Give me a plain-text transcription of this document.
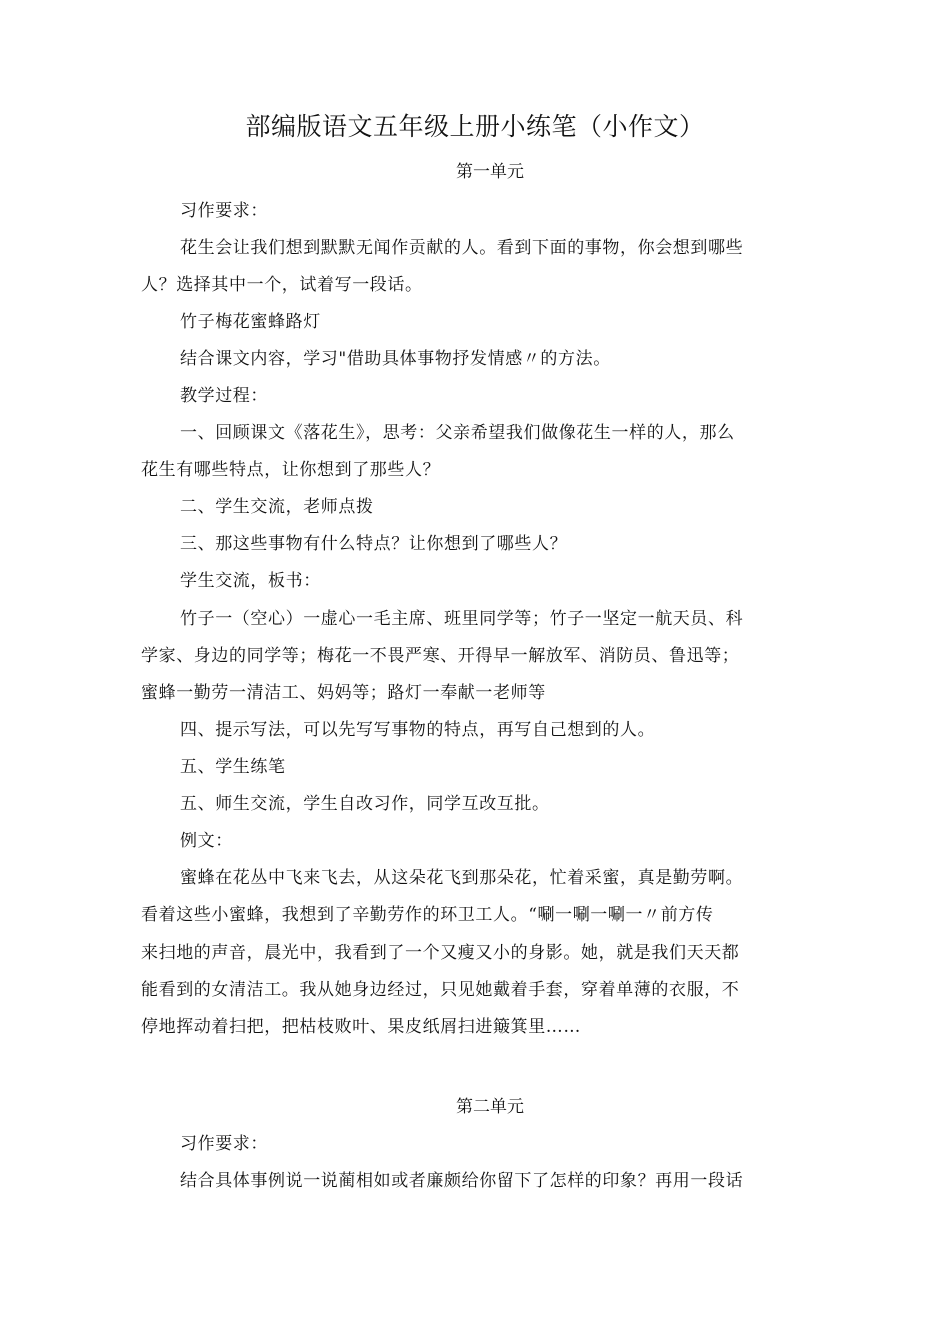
部编版语文五年级上册小练笔（小作文）
第一单元
习作要求：
花生会让我们想到默默无闻作贡献的人。看到下面的事物，你会想到哪些
人？选择其中一个，试着写一段话。
竹子梅花蜜蜂路灯
结合课文内容，学习"借助具体事物抒发情感〃的方法。
教学过程：
一、回顾课文《落花生》，思考：父亲希望我们做像花生一样的人，那么
花生有哪些特点，让你想到了那些人？
二、学生交流，老师点拨
三、那这些事物有什么特点？让你想到了哪些人？
学生交流，板书：
竹子一（空心）一虚心一毛主席、班里同学等；竹子一坚定一航天员、科
学家、身边的同学等；梅花一不畏严寒、开得早一解放军、消防员、鲁迅等；
蜜蜂一勤劳一清洁工、妈妈等；路灯一奉献一老师等
四、提示写法，可以先写写事物的特点，再写自己想到的人。
五、学生练笔
五、师生交流，学生自改习作，同学互改互批。
例文：
蜜蜂在花丛中飞来飞去，从这朵花飞到那朵花，忙着采蜜，真是勤劳啊。
看着这些小蜜蜂，我想到了辛勤劳作的环卫工人。“唰一唰一唰一〃前方传
来扫地的声音，晨光中，我看到了一个又瘦又小的身影。她，就是我们天天都
能看到的女清洁工。我从她身边经过，只见她戴着手套，穿着单薄的衣服，不
停地挥动着扫把，把枯枝败叶、果皮纸屑扫进簸箕里……
第二单元
习作要求：
结合具体事例说一说蔺相如或者廉颇给你留下了怎样的印象？再用一段话
